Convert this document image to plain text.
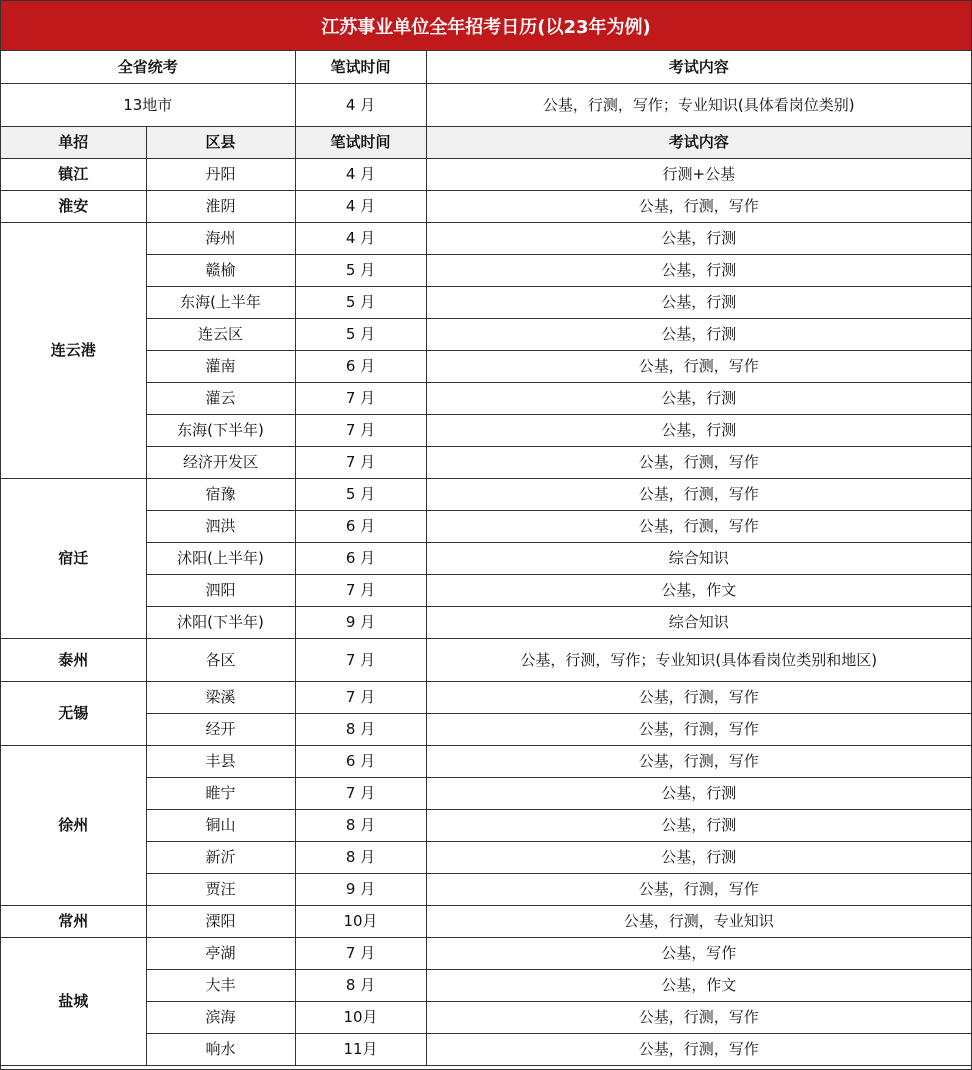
江苏事业单位全年招考日历(以23年为例)
全省统考		笔试时间	考试内容
13地市		4 月	公基，行测，写作；专业知识(具体看岗位类别)
单招	区县	笔试时间	考试内容
镇江	丹阳	4 月	行测+公基
淮安	淮阴	4 月	公基，行测，写作
连云港	海州	4 月	公基，行测
	赣榆	5 月	公基，行测
	东海(上半年	5 月	公基，行测
	连云区	5 月	公基，行测
	灌南	6 月	公基，行测，写作
	灌云	7 月	公基，行测
	东海(下半年)	7 月	公基，行测
	经济开发区	7 月	公基，行测，写作
宿迁	宿豫	5 月	公基，行测，写作
	泗洪	6 月	公基，行测，写作
	沭阳(上半年)	6 月	综合知识
	泗阳	7 月	公基，作文
	沭阳(下半年)	9 月	综合知识
泰州	各区	7 月	公基，行测，写作；专业知识(具体看岗位类别和地区)
无锡	梁溪	7 月	公基，行测，写作
	经开	8 月	公基，行测，写作
徐州	丰县	6 月	公基，行测，写作
	睢宁	7 月	公基，行测
	铜山	8 月	公基，行测
	新沂	8 月	公基，行测
	贾汪	9 月	公基，行测，写作
常州	溧阳	10月	公基，行测，专业知识
盐城	亭湖	7 月	公基，写作
	大丰	8 月	公基，作文
	滨海	10月	公基，行测，写作
	响水	11月	公基，行测，写作
